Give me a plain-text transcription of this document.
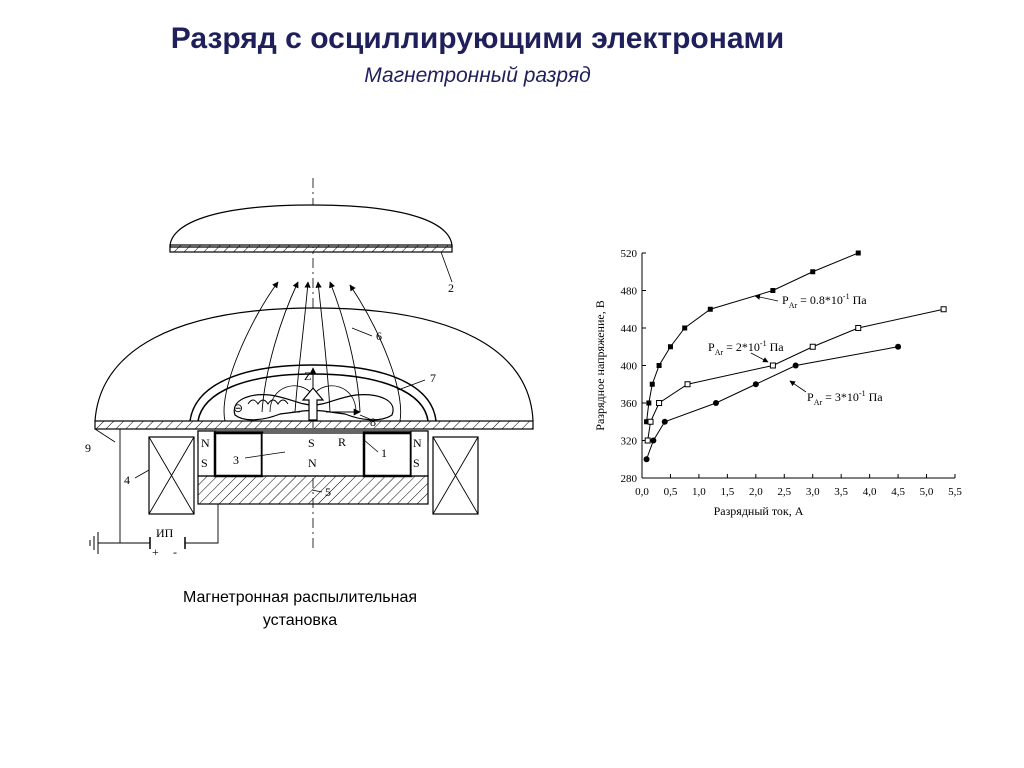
Разряд с осциллирующими электронами
Магнетронный разряд
2
6
7
8
1
3
4
5
9
Z
R
⊖
N
S
S
N
N
S
ИП
+ -
0,0 0,5 1,0 1,5 2,0 2,5 3,0 3,5 4,0 4,5 5,0 5,5
280
320
360
400
440
480
520
Разрядный ток, А
Разрядное напряжение, В
$P_{Ar} = 0.8*10^{-1}$ Па
$P_{Ar} = 2*10^{-1}$ Па
$P_{Ar} = 3*10^{-1}$ Па
Магнетронная распылительная
установка
